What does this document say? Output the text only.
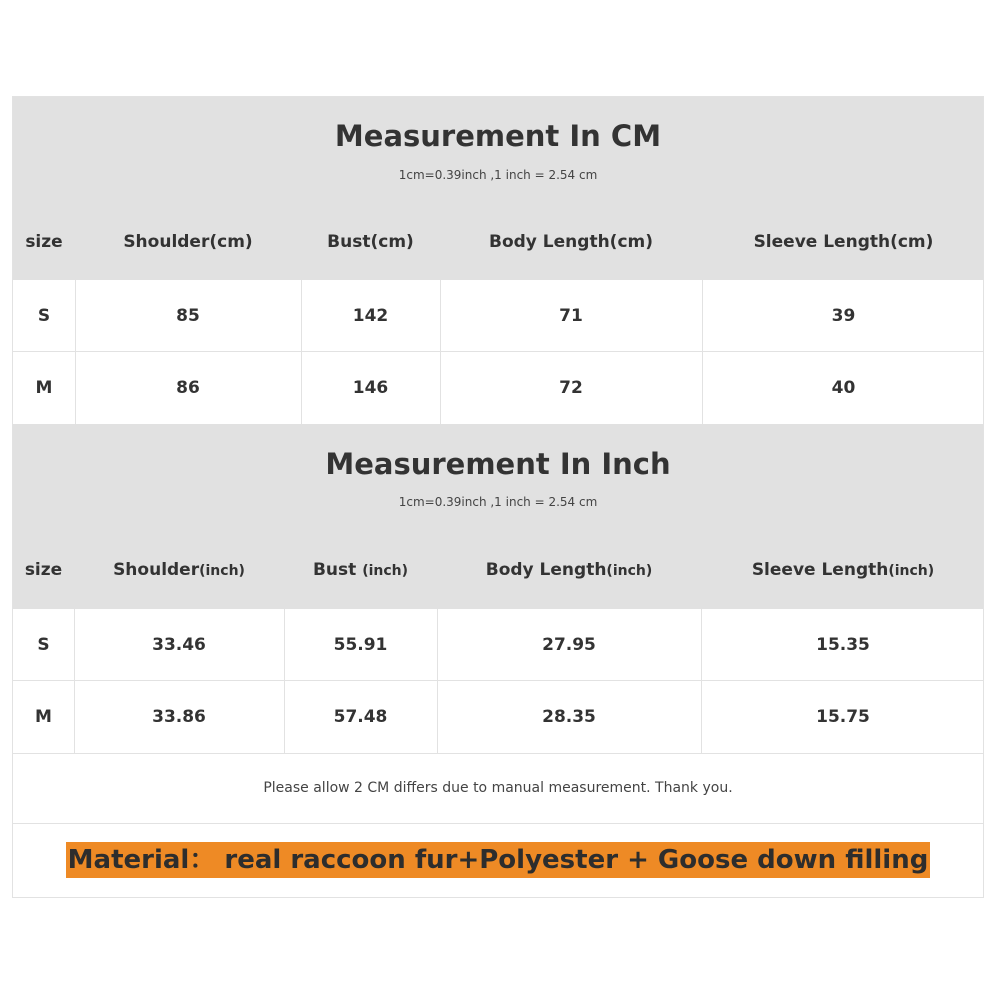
Measurement In CM
1cm=0.39inch ,1 inch = 2.54 cm
size	Shoulder(cm)	Bust(cm)	Body Length(cm)	Sleeve Length(cm)
S	85	142	71	39
M	86	146	72	40
Measurement In Inch
1cm=0.39inch ,1 inch = 2.54 cm
size	Shoulder(inch)	Bust (inch)	Body Length(inch)	Sleeve Length(inch)
S	33.46	55.91	27.95	15.35
M	33.86	57.48	28.35	15.75
Please allow 2 CM differs due to manual measurement. Thank you.
Material： real raccoon fur+Polyester + Goose down filling
